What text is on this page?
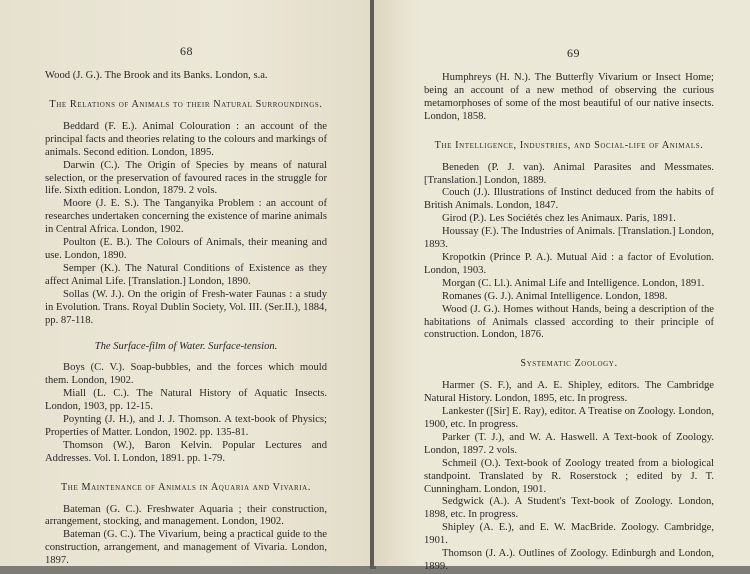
68

Wood (J. G.). The Brook and its Banks. London, s.a.

The Relations of Animals to their Natural Surroundings.

Beddard (F. E.). Animal Colouration : an account of the principal facts and theories relating to the colours and markings of animals. Second edition. London, 1895.

Darwin (C.). The Origin of Species by means of natural selection, or the preservation of favoured races in the struggle for life. Sixth edition. London, 1879. 2 vols.

Moore (J. E. S.). The Tanganyika Problem : an account of researches undertaken concerning the existence of marine animals in Central Africa. London, 1902.

Poulton (E. B.). The Colours of Animals, their meaning and use. London, 1890.

Semper (K.). The Natural Conditions of Existence as they affect Animal Life. [Translation.] London, 1890.

Sollas (W. J.). On the origin of Fresh-water Faunas : a study in Evolution. Trans. Royal Dublin Society, Vol. III. (Ser.II.), 1884, pp. 87-118.

The Surface-film of Water. Surface-tension.

Boys (C. V.). Soap-bubbles, and the forces which mould them. London, 1902.

Miall (L. C.). The Natural History of Aquatic Insects. London, 1903, pp. 12-15.

Poynting (J. H.), and J. J. Thomson. A text-book of Physics; Properties of Matter. London, 1902. pp. 135-81.

Thomson (W.), Baron Kelvin. Popular Lectures and Addresses. Vol. I. London, 1891. pp. 1-79.

The Maintenance of Animals in Aquaria and Vivaria.

Bateman (G. C.). Freshwater Aquaria ; their construction, arrangement, stocking, and management. London, 1902.

Bateman (G. C.). The Vivarium, being a practical guide to the construction, arrangement, and management of Vivaria. London, 1897.

69

Humphreys (H. N.). The Butterfly Vivarium or Insect Home; being an account of a new method of observing the curious metamorphoses of some of the most beautiful of our native insects. London, 1858.

The Intelligence, Industries, and Social-life of Animals.

Beneden (P. J. van). Animal Parasites and Messmates. [Translation.] London, 1889.

Couch (J.). Illustrations of Instinct deduced from the habits of British Animals. London, 1847.

Girod (P.). Les Sociétés chez les Animaux. Paris, 1891.

Houssay (F.). The Industries of Animals. [Translation.] London, 1893.

Kropotkin (Prince P. A.). Mutual Aid : a factor of Evolution. London, 1903.

Morgan (C. Ll.). Animal Life and Intelligence. London, 1891.

Romanes (G. J.). Animal Intelligence. London, 1898.

Wood (J. G.). Homes without Hands, being a description of the habitations of Animals classed according to their principle of construction. London, 1876.

Systematic Zoology.

Harmer (S. F.), and A. E. Shipley, editors. The Cambridge Natural History. London, 1895, etc. In progress.

Lankester ([Sir] E. Ray), editor. A Treatise on Zoology. London, 1900, etc. In progress.

Parker (T. J.), and W. A. Haswell. A Text-book of Zoology. London, 1897. 2 vols.

Schmeil (O.). Text-book of Zoology treated from a biological standpoint. Translated by R. Roserstock ; edited by J. T. Cunningham. London, 1901.

Sedgwick (A.). A Student's Text-book of Zoology. London, 1898, etc. In progress.

Shipley (A. E.), and E. W. MacBride. Zoology. Cambridge, 1901.

Thomson (J. A.). Outlines of Zoology. Edinburgh and London, 1899.
